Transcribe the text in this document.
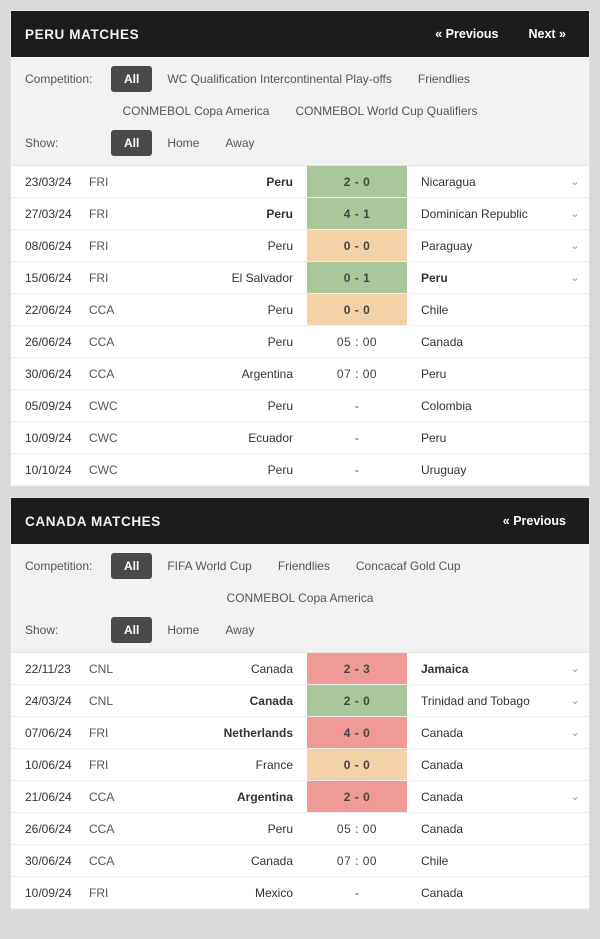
PERU MATCHES	« Previous	Next »
Competition:	All	WC Qualification Intercontinental Play-offs	Friendlies
CONMEBOL Copa America	CONMEBOL World Cup Qualifiers
Show:	All	Home	Away
23/03/24	FRI	Peru	2 - 0	Nicaragua	⌄
27/03/24	FRI	Peru	4 - 1	Dominican Republic	⌄
08/06/24	FRI	Peru	0 - 0	Paraguay	⌄
15/06/24	FRI	El Salvador	0 - 1	Peru	⌄
22/06/24	CCA	Peru	0 - 0	Chile
26/06/24	CCA	Peru	05 : 00	Canada
30/06/24	CCA	Argentina	07 : 00	Peru
05/09/24	CWC	Peru	-	Colombia
10/09/24	CWC	Ecuador	-	Peru
10/10/24	CWC	Peru	-	Uruguay
CANADA MATCHES	« Previous
Competition:	All	FIFA World Cup	Friendlies	Concacaf Gold Cup
CONMEBOL Copa America
Show:	All	Home	Away
22/11/23	CNL	Canada	2 - 3	Jamaica	⌄
24/03/24	CNL	Canada	2 - 0	Trinidad and Tobago	⌄
07/06/24	FRI	Netherlands	4 - 0	Canada	⌄
10/06/24	FRI	France	0 - 0	Canada
21/06/24	CCA	Argentina	2 - 0	Canada	⌄
26/06/24	CCA	Peru	05 : 00	Canada
30/06/24	CCA	Canada	07 : 00	Chile
10/09/24	FRI	Mexico	-	Canada
